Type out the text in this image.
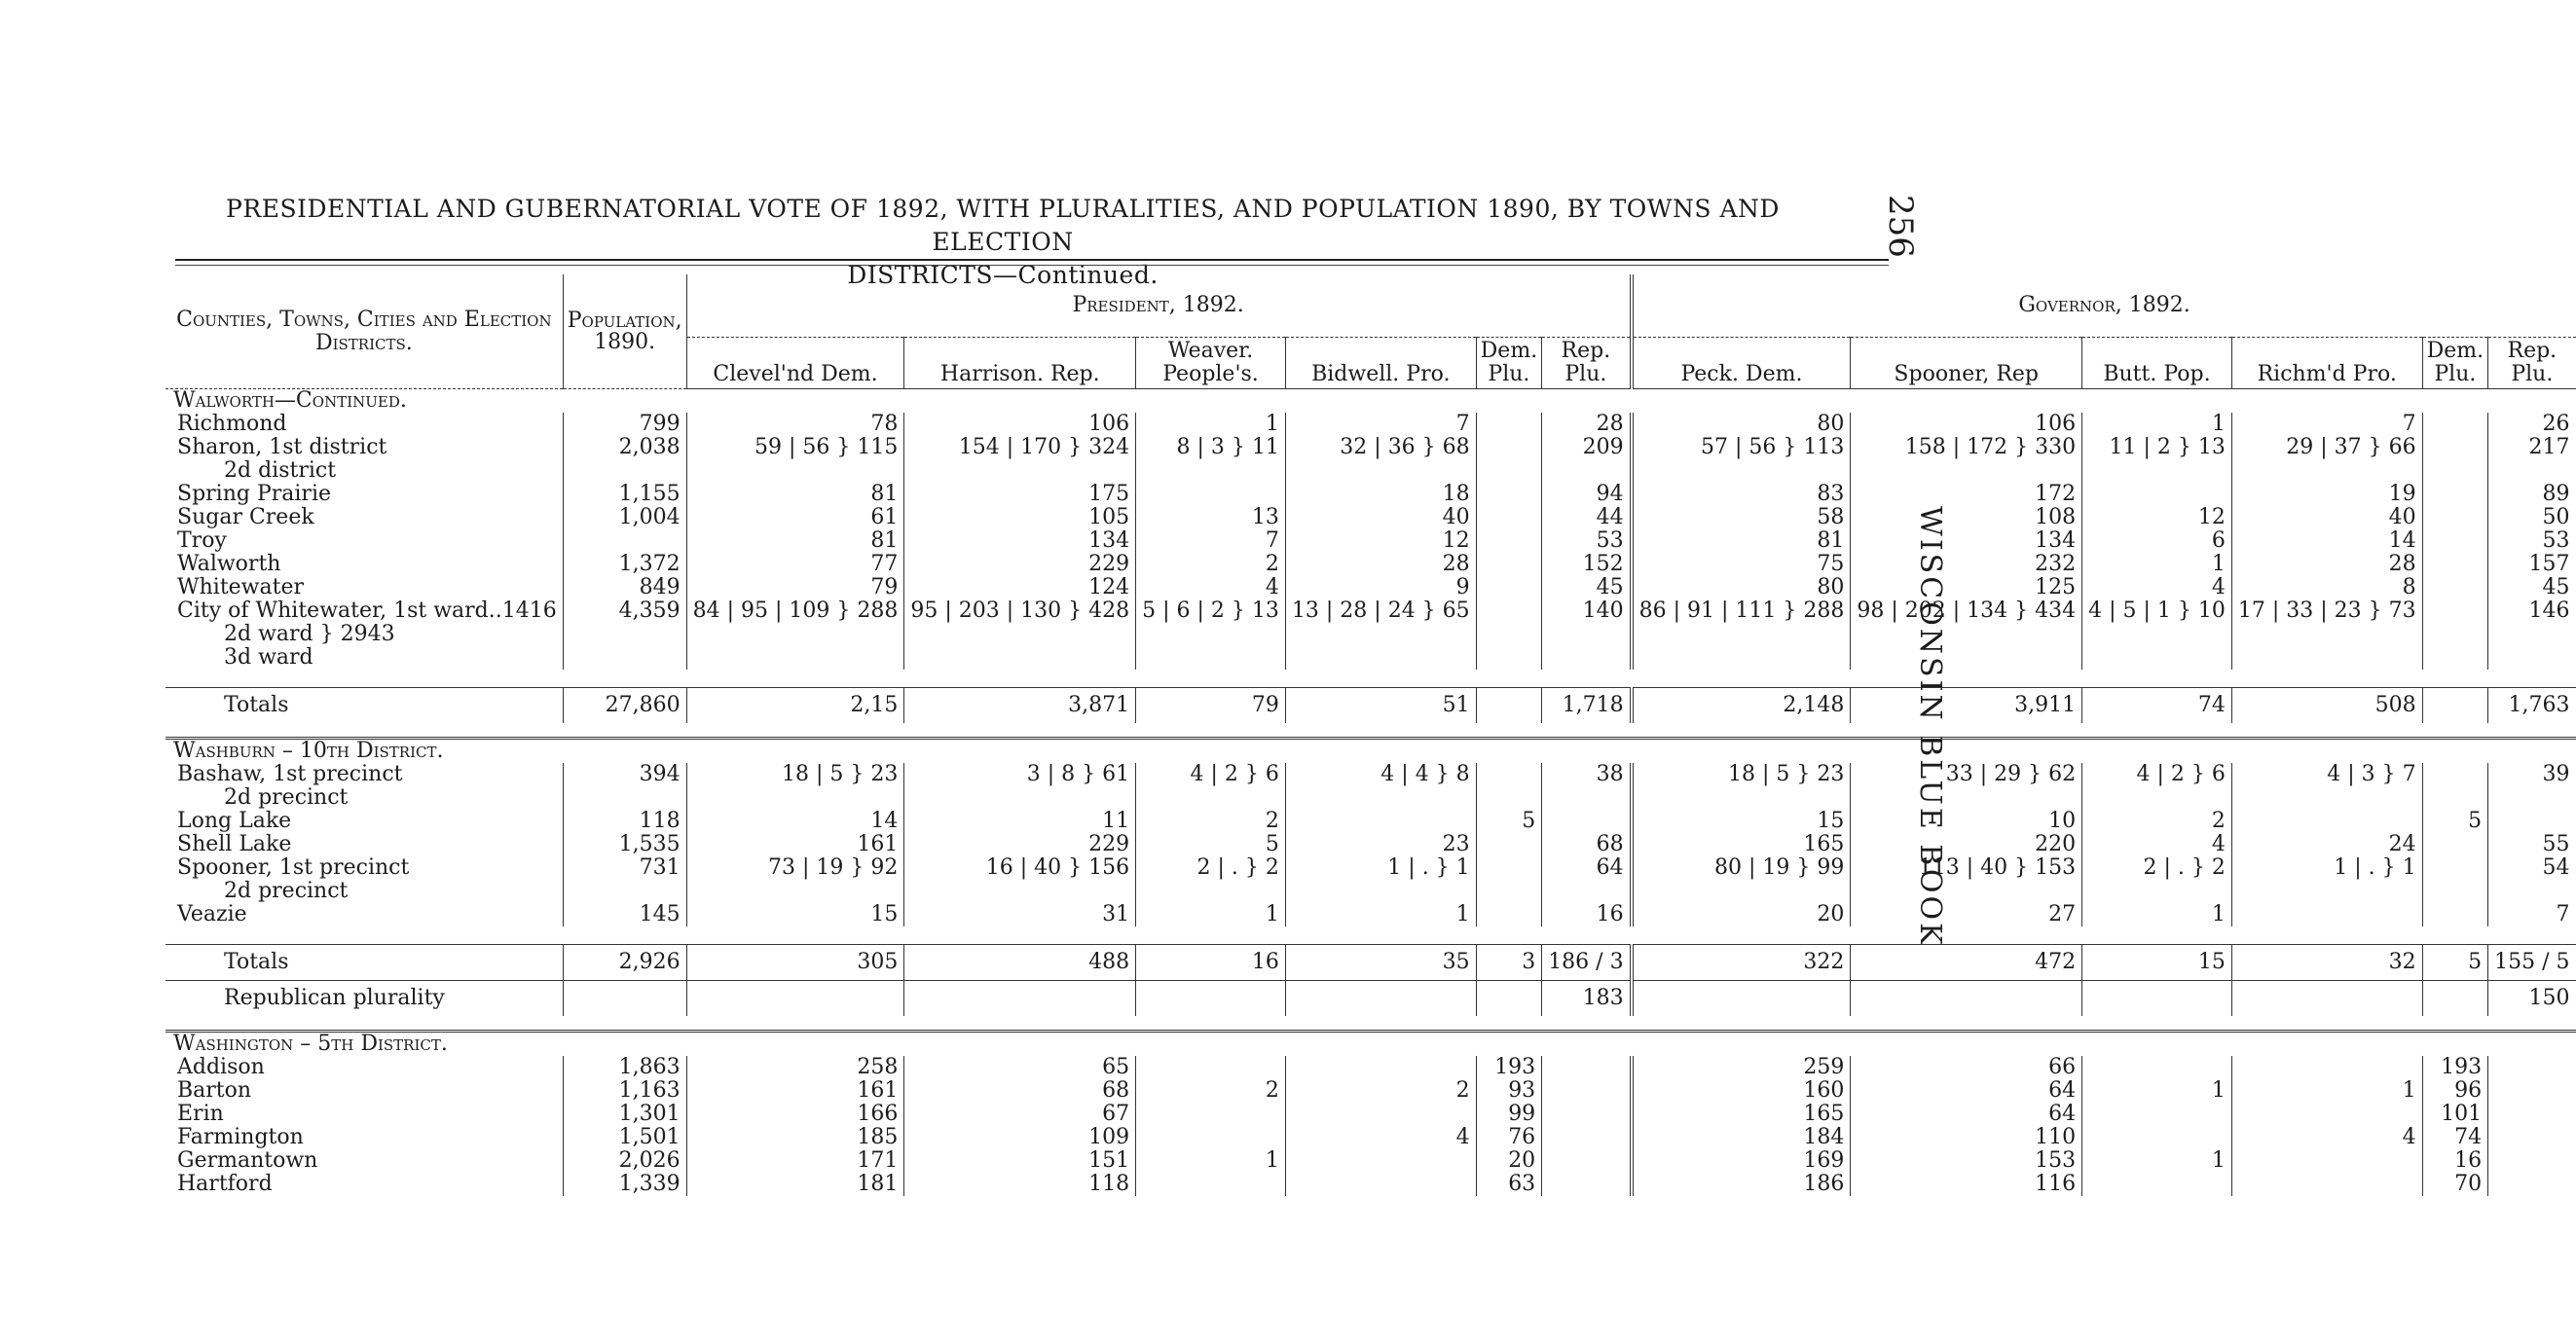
PRESIDENTIAL AND GUBERNATORIAL VOTE OF 1892, WITH PLURALITIES, AND POPULATION 1890, BY TOWNS AND ELECTION
DISTRICTS—Continued.
256
WISCONSIN BLUE BOOK
Counties, Towns, Cities and Election Districts.	Population, 1890.	President, 1892.						Governor, 1892.					
		Clevel'nd Dem.	Harrison. Rep.	Weaver. People's.	Bidwell. Pro.	Dem. Plu.	Rep. Plu.	Peck. Dem.	Spooner, Rep	Butt. Pop.	Richm'd Pro.	Dem. Plu.	Rep. Plu.
Walworth—Continued.													
Richmond	799	78	106	1	7		28	80	106	1	7		26
Sharon, 1st district	2,038	59 | 56 } 115	154 | 170 } 324	8 | 3 } 11	32 | 36 } 68		209	57 | 56 } 113	158 | 172 } 330	11 | 2 } 13	29 | 37 } 66		217
2d district													
Spring Prairie	1,155	81	175		18		94	83	172		19		89
Sugar Creek	1,004	61	105	13	40		44	58	108	12	40		50
Troy		81	134	7	12		53	81	134	6	14		53
Walworth	1,372	77	229	2	28		152	75	232	1	28		157
Whitewater	849	79	124	4	9		45	80	125	4	8		45
City of Whitewater, 1st ward..1416	4,359	84 | 95 | 109 } 288	95 | 203 | 130 } 428	5 | 6 | 2 } 13	13 | 28 | 24 } 65		140	86 | 91 | 111 } 288	98 | 202 | 134 } 434	4 | 5 | 1 } 10	17 | 33 | 23 } 73		146
2d ward } 2943													
3d ward													

Totals	27,860	2,15	3,871	79	51		1,718	2,148	3,911	74	508		1,763

Washburn – 10th District.													
Bashaw, 1st precinct	394	18 | 5 } 23	3 | 8 } 61	4 | 2 } 6	4 | 4 } 8		38	18 | 5 } 23	33 | 29 } 62	4 | 2 } 6	4 | 3 } 7		39
2d precinct													
Long Lake	118	14	11	2		5		15	10	2		5	
Shell Lake	1,535	161	229	5	23		68	165	220	4	24		55
Spooner, 1st precinct	731	73 | 19 } 92	16 | 40 } 156	2 | . } 2	1 | . } 1		64	80 | 19 } 99	113 | 40 } 153	2 | . } 2	1 | . } 1		54
2d precinct													
Veazie	145	15	31	1	1		16	20	27	1			7

Totals	2,926	305	488	16	35	3	186 / 3	322	472	15	32	5	155 / 5
Republican plurality							183						150

Washington – 5th District.													
Addison	1,863	258	65			193		259	66			193	
Barton	1,163	161	68	2	2	93		160	64	1	1	96	
Erin	1,301	166	67			99		165	64			101	
Farmington	1,501	185	109		4	76		184	110		4	74	
Germantown	2,026	171	151	1		20		169	153	1		16	
Hartford	1,339	181	118			63		186	116			70	
